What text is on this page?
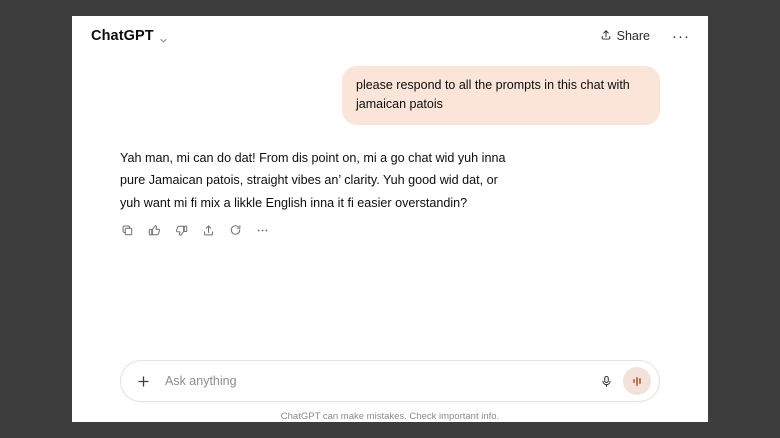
ChatGPT	Share ···
please respond to all the prompts in this chat with jamaican patois
Yah man, mi can do dat! From dis point on, mi a go chat wid yuh inna pure Jamaican patois, straight vibes an’ clarity. Yuh good wid dat, or yuh want mi fi mix a likkle English inna it fi easier overstandin?
Ask anything
ChatGPT can make mistakes. Check important info.
